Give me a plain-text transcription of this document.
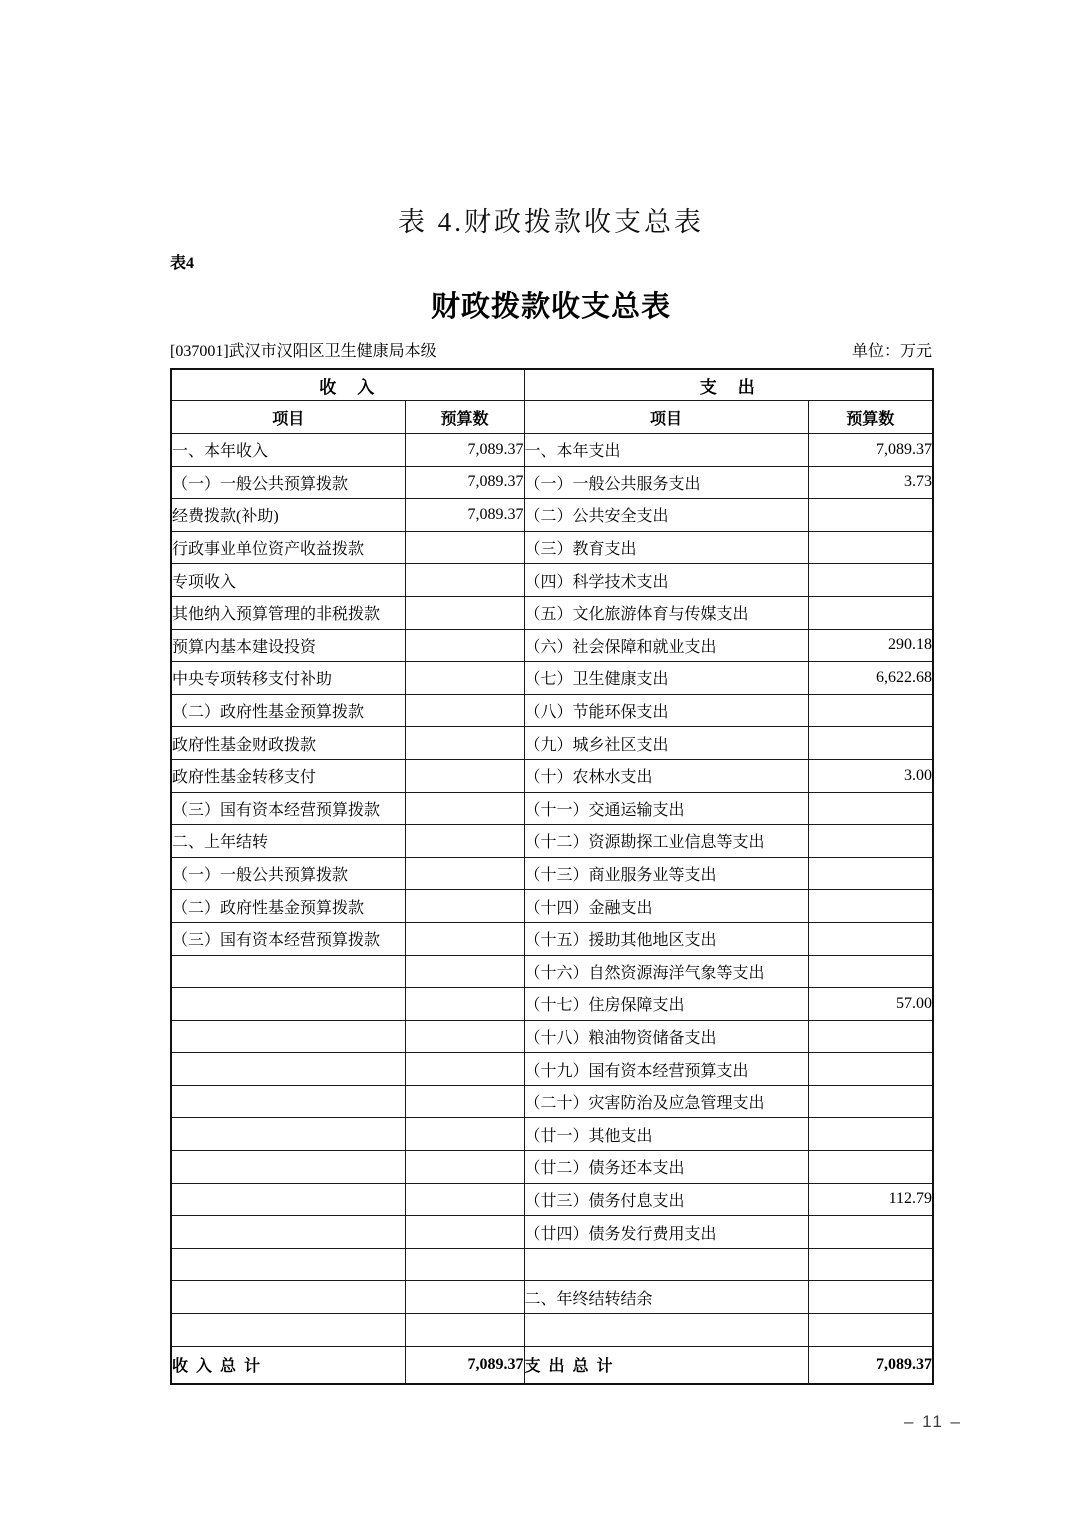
表 4.财政拨款收支总表
表4
财政拨款收支总表
[037001]武汉市汉阳区卫生健康局本级	单位：万元
收　入		支　出	
项目	预算数	项目	预算数
一、本年收入	7,089.37	一、本年支出	7,089.37
（一）一般公共预算拨款	7,089.37	（一）一般公共服务支出	3.73
经费拨款(补助)	7,089.37	（二）公共安全支出	
行政事业单位资产收益拨款		（三）教育支出	
专项收入		（四）科学技术支出	
其他纳入预算管理的非税拨款		（五）文化旅游体育与传媒支出	
预算内基本建设投资		（六）社会保障和就业支出	290.18
中央专项转移支付补助		（七）卫生健康支出	6,622.68
（二）政府性基金预算拨款		（八）节能环保支出	
政府性基金财政拨款		（九）城乡社区支出	
政府性基金转移支付		（十）农林水支出	3.00
（三）国有资本经营预算拨款		（十一）交通运输支出	
二、上年结转		（十二）资源勘探工业信息等支出	
（一）一般公共预算拨款		（十三）商业服务业等支出	
（二）政府性基金预算拨款		（十四）金融支出	
（三）国有资本经营预算拨款		（十五）援助其他地区支出	
		（十六）自然资源海洋气象等支出	
		（十七）住房保障支出	57.00
		（十八）粮油物资储备支出	
		（十九）国有资本经营预算支出	
		（二十）灾害防治及应急管理支出	
		（廿一）其他支出	
		（廿二）债务还本支出	
		（廿三）债务付息支出	112.79
		（廿四）债务发行费用支出	

		二、年终结转结余	

收 入 总 计	7,089.37	支 出 总 计	7,089.37
– 11 –
